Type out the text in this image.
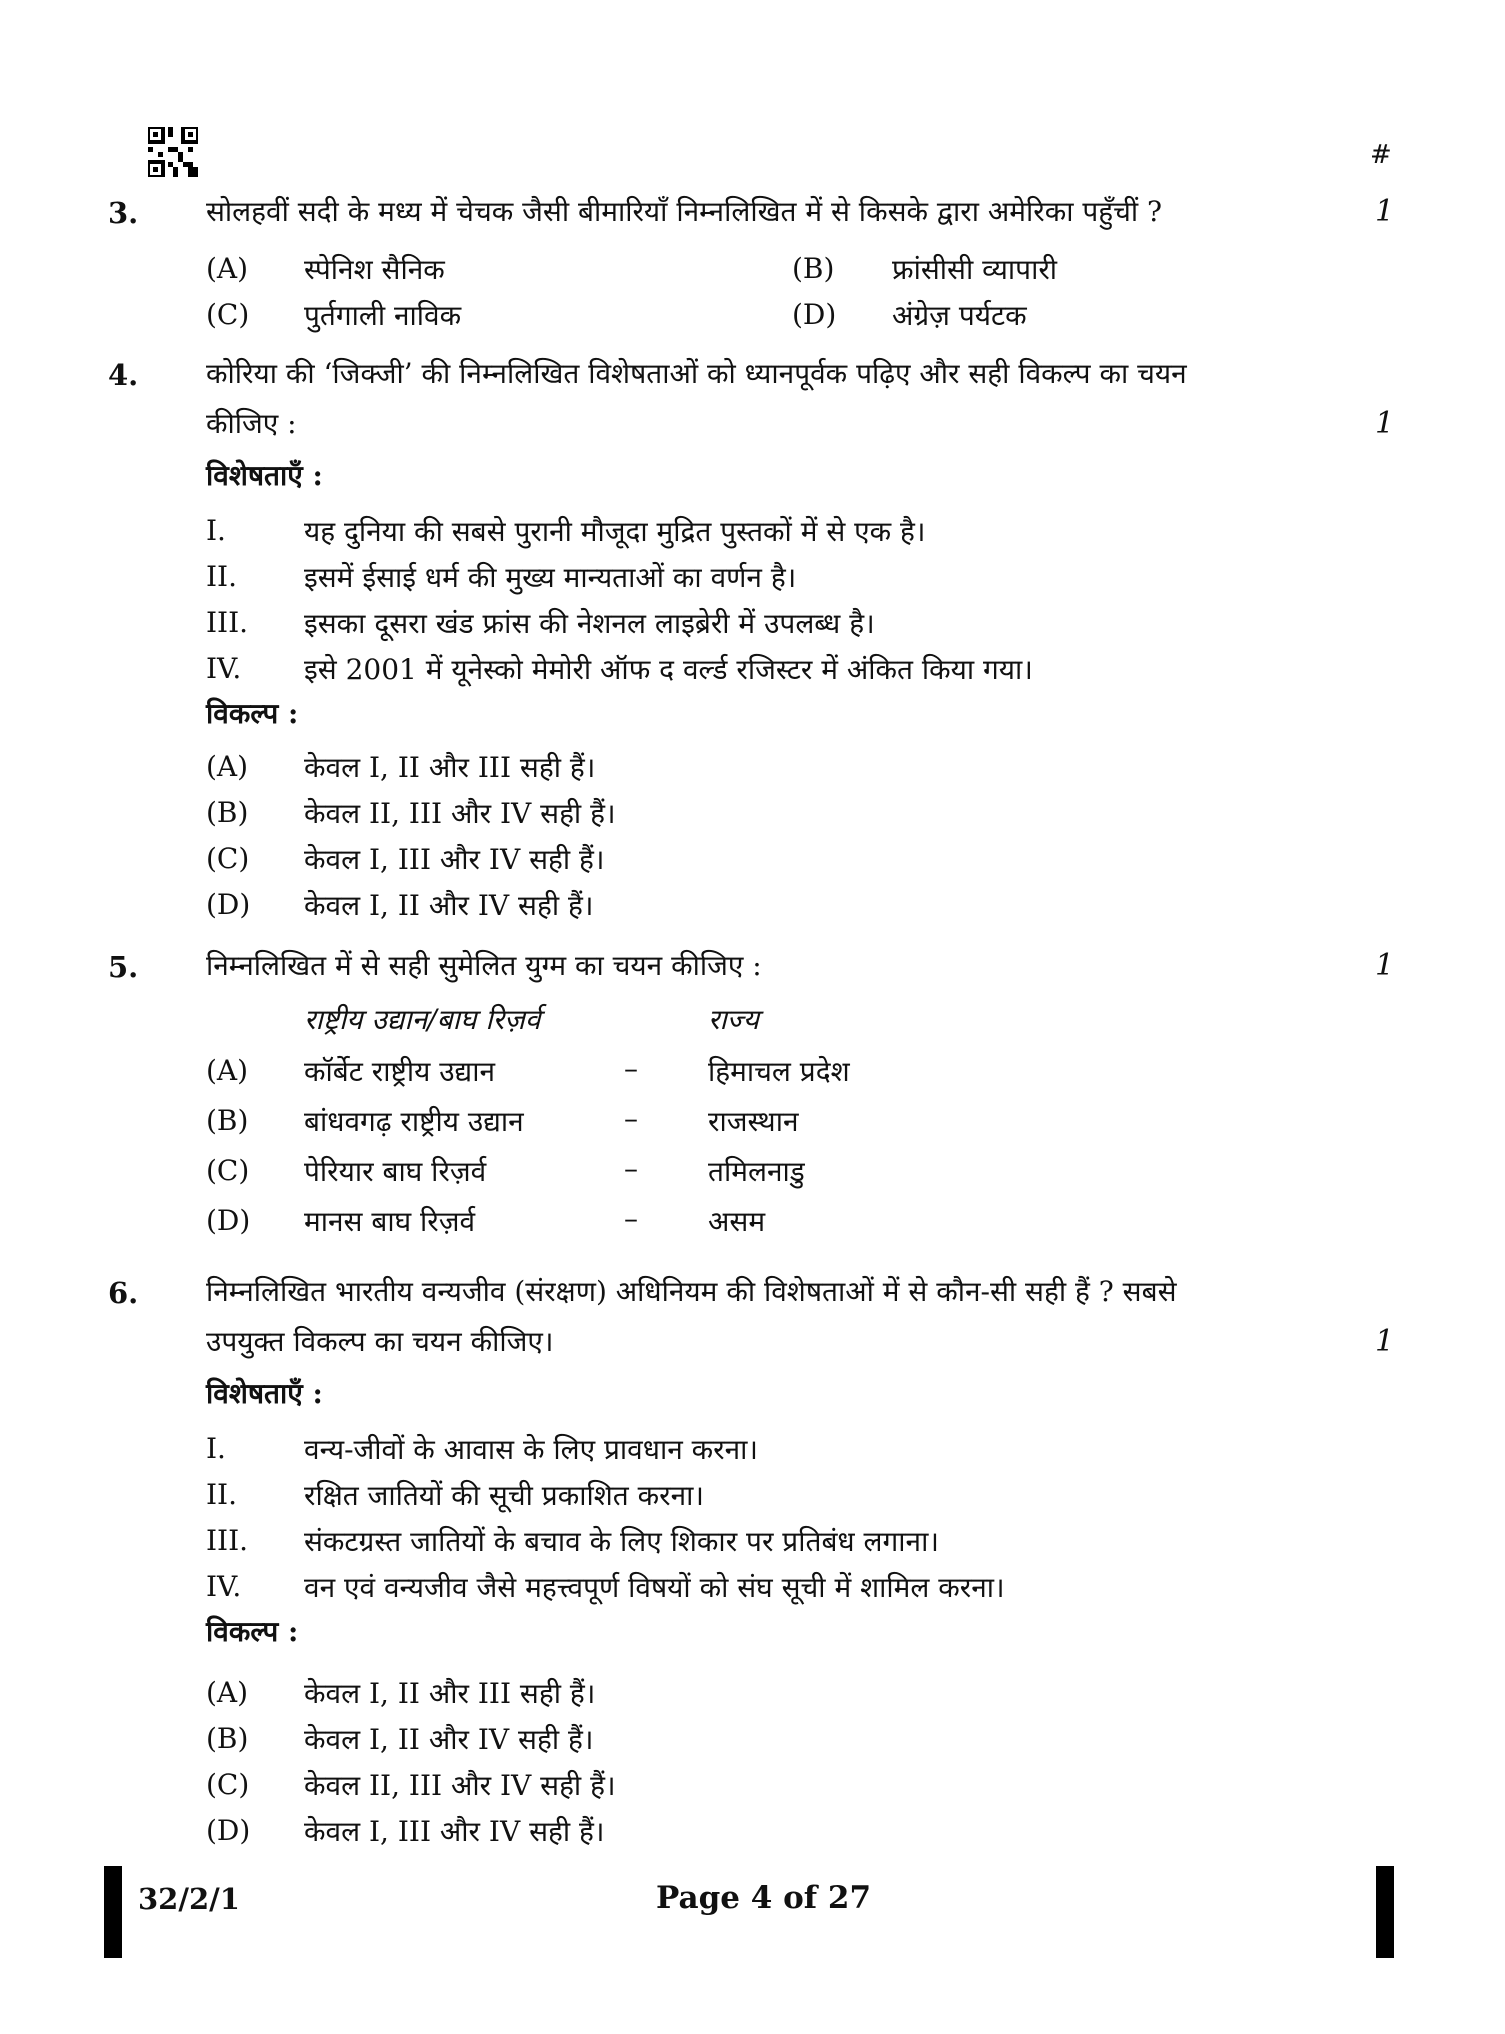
#
3. सोलहवीं सदी के मध्य में चेचक जैसी बीमारियाँ निम्नलिखित में से किसके द्वारा अमेरिका पहुँचीं ?	1
(A) स्पेनिश सैनिक	(B) फ्रांसीसी व्यापारी
(C) पुर्तगाली नाविक	(D) अंग्रेज़ पर्यटक
4. कोरिया की ‘जिक्जी’ की निम्नलिखित विशेषताओं को ध्यानपूर्वक पढ़िए और सही विकल्प का चयन
कीजिए :	1
विशेषताएँ :
I.	यह दुनिया की सबसे पुरानी मौजूदा मुद्रित पुस्तकों में से एक है।
II. इसमें ईसाई धर्म की मुख्य मान्यताओं का वर्णन है।
III. इसका दूसरा खंड फ्रांस की नेशनल लाइब्रेरी में उपलब्ध है।
IV. इसे 2001 में यूनेस्को मेमोरी ऑफ द वर्ल्ड रजिस्टर में अंकित किया गया।
विकल्प :
(A) केवल I, II और III सही हैं।
(B) केवल II, III और IV सही हैं।
(C) केवल I, III और IV सही हैं।
(D) केवल I, II और IV सही हैं।
5. निम्नलिखित में से सही सुमेलित युग्म का चयन कीजिए :	1
राष्ट्रीय उद्यान/बाघ रिज़र्व	राज्य
(A) कॉर्बेट राष्ट्रीय उद्यान	–	हिमाचल प्रदेश
(B) बांधवगढ़ राष्ट्रीय उद्यान	–	राजस्थान
(C) पेरियार बाघ रिज़र्व	–	तमिलनाडु
(D) मानस बाघ रिज़र्व	–	असम
6. निम्नलिखित भारतीय वन्यजीव (संरक्षण) अधिनियम की विशेषताओं में से कौन-सी सही हैं ? सबसे
उपयुक्त विकल्प का चयन कीजिए।	1
विशेषताएँ :
I.	वन्य-जीवों के आवास के लिए प्रावधान करना।
II. रक्षित जातियों की सूची प्रकाशित करना।
III. संकटग्रस्त जातियों के बचाव के लिए शिकार पर प्रतिबंध लगाना।
IV. वन एवं वन्यजीव जैसे महत्त्वपूर्ण विषयों को संघ सूची में शामिल करना।
विकल्प :
(A) केवल I, II और III सही हैं।
(B) केवल I, II और IV सही हैं।
(C) केवल II, III और IV सही हैं।
(D) केवल I, III और IV सही हैं।
32/2/1	Page 4 of 27
